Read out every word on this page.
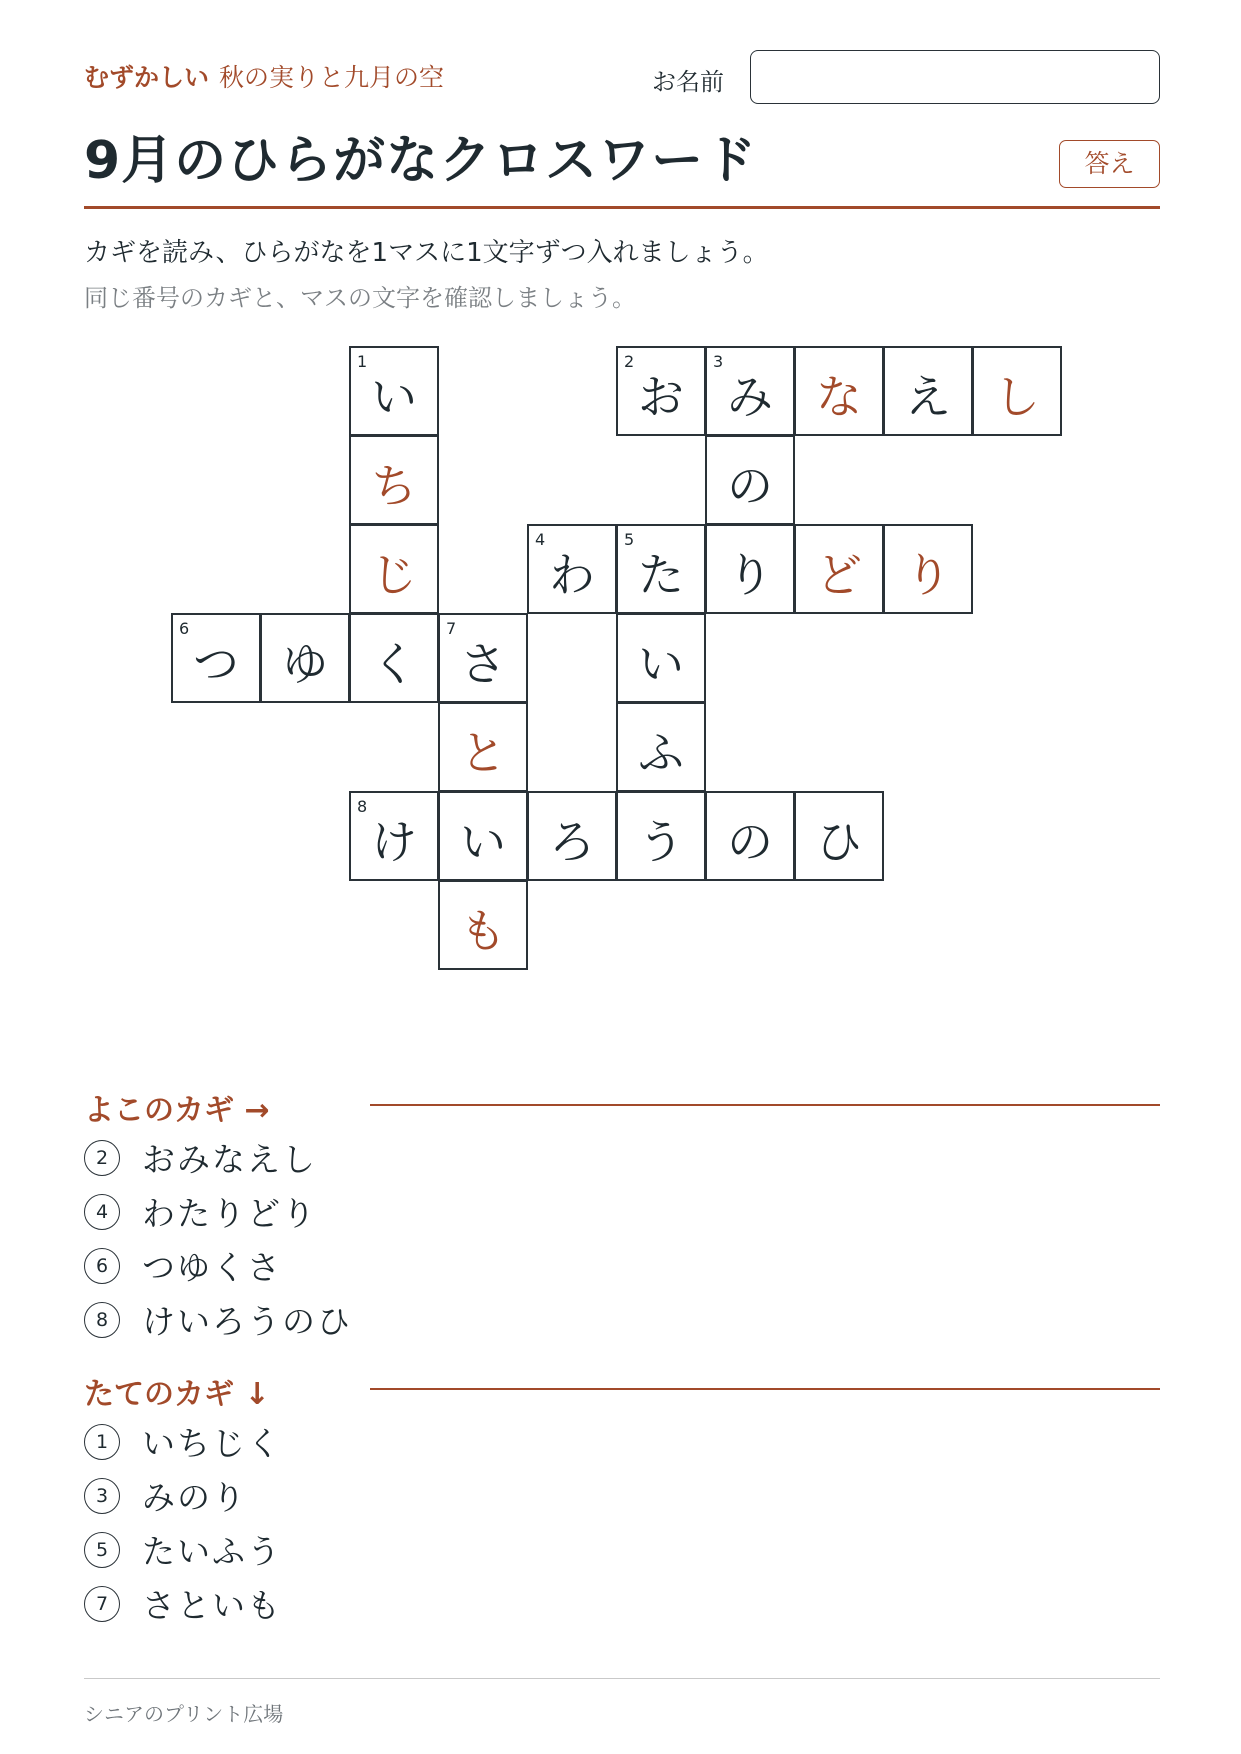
むずかしい 秋の実りと九月の空	お名前
9月のひらがなクロスワード	答え
カギを読み、ひらがなを1マスに1文字ずつ入れましょう。
同じ番号のカギと、マスの文字を確認しましょう。
1
い
2
お
3
み な え し
ち	の
じ
4
わ
5
た り ど り
6
つ ゆ く
7
さ	い
と	ふ
8
け い ろ う の ひ
も
よこのカギ →
2	おみなえし
4	わたりどり
6	つゆくさ
8	けいろうのひ
たてのカギ ↓
1	いちじく
3	みのり
5	たいふう
7	さといも
シニアのプリント広場
